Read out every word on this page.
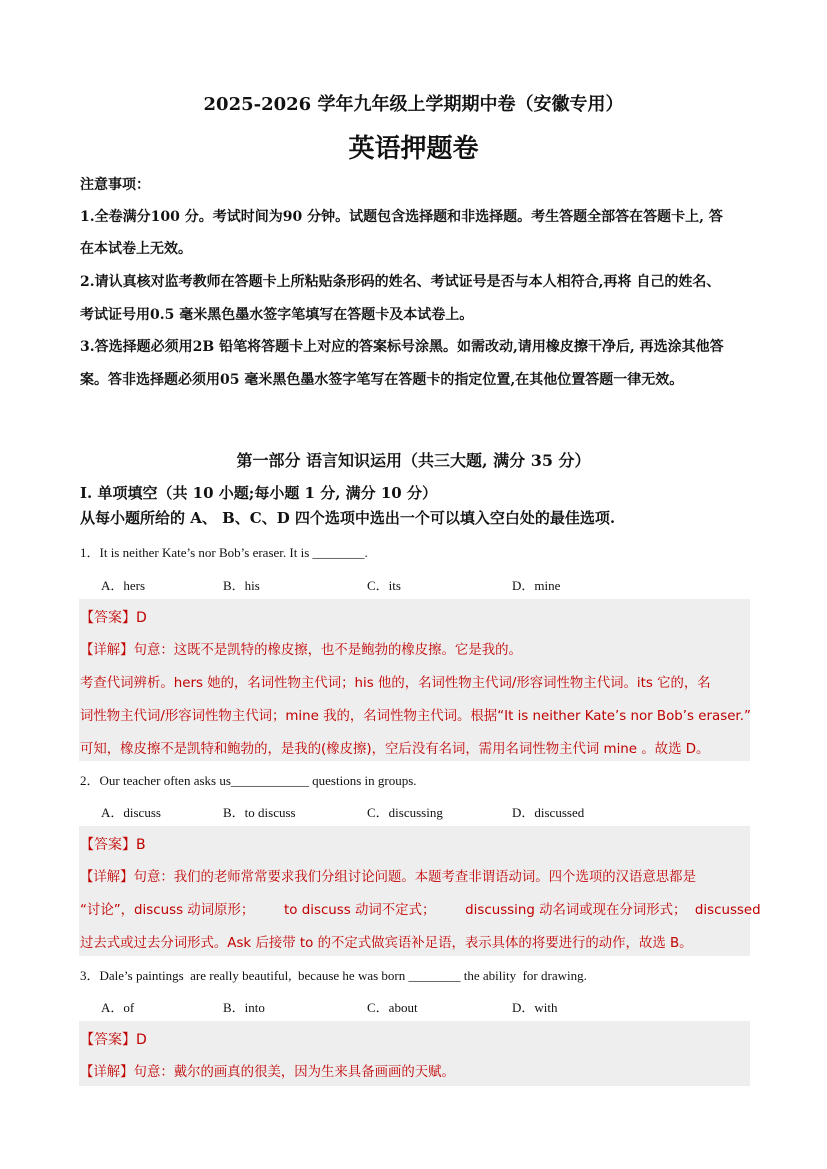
2025-2026 学年九年级上学期期中卷（安徽专用）
英语押题卷
注意事项：
1.全卷满分100 分。考试时间为90 分钟。试题包含选择题和非选择题。考生答题全部答在答题卡上, 答
在本试卷上无效。
2.请认真核对监考教师在答题卡上所粘贴条形码的姓名、考试证号是否与本人相符合,再将 自己的姓名、
考试证号用0.5 毫米黑色墨水签字笔填写在答题卡及本试卷上。
3.答选择题必须用2B 铅笔将答题卡上对应的答案标号涂黑。如需改动,请用橡皮擦干净后, 再选涂其他答
案。答非选择题必须用05 毫米黑色墨水签字笔写在答题卡的指定位置,在其他位置答题一律无效。
第一部分 语言知识运用（共三大题, 满分 35 分）
I. 单项填空（共 10 小题;每小题 1 分, 满分 10 分）
从每小题所给的 A、 B、C、D 四个选项中选出一个可以填入空白处的最佳选项.
1．It is neither Kate’s nor Bob’s eraser. It is ________.
A．hers	B．his	C．its	D．mine
【答案】D
【详解】句意：这既不是凯特的橡皮擦，也不是鲍勃的橡皮擦。它是我的。
考查代词辨析。hers 她的，名词性物主代词；his 他的，名词性物主代词/形容词性物主代词。its 它的，名
词性物主代词/形容词性物主代词；mine 我的，名词性物主代词。根据“It is neither Kate’s nor Bob’s eraser.”
可知，橡皮擦不是凯特和鲍勃的，是我的(橡皮擦)，空后没有名词，需用名词性物主代词 mine 。故选 D。
2．Our teacher often asks us____________ questions in groups.
A．discuss	B．to discuss	C．discussing	D．discussed
【答案】B
【详解】句意：我们的老师常常要求我们分组讨论问题。本题考查非谓语动词。四个选项的汉语意思都是
“讨论”，discuss 动词原形；       to discuss 动词不定式；       discussing 动名词或现在分词形式；  discussed
过去式或过去分词形式。Ask 后接带 to 的不定式做宾语补足语，表示具体的将要进行的动作，故选 B。
3．Dale’s paintings  are really beautiful,  because he was born ________ the ability  for drawing.
A．of	B．into	C．about	D．with
【答案】D
【详解】句意：戴尔的画真的很美，因为生来具备画画的天赋。
